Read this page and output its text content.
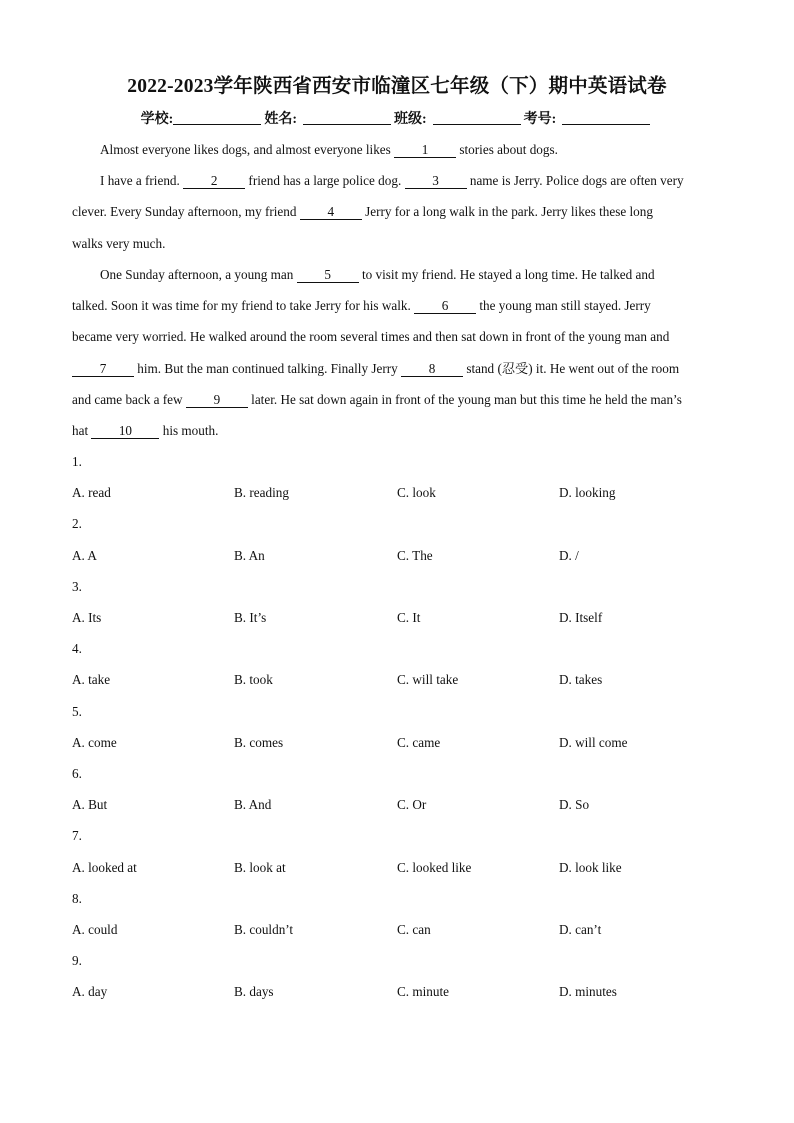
2022-2023学年陕西省西安市临潼区七年级（下）期中英语试卷
学校:	姓名:	班级:	考号:
Almost everyone likes dogs, and almost everyone likes 1 stories about dogs.
I have a friend. 2 friend has a large police dog. 3 name is Jerry. Police dogs are often very
clever. Every Sunday afternoon, my friend 4 Jerry for a long walk in the park. Jerry likes these long
walks very much.
One Sunday afternoon, a young man 5 to visit my friend. He stayed a long time. He talked and
talked. Soon it was time for my friend to take Jerry for his walk. 6 the young man still stayed. Jerry
became very worried. He walked around the room several times and then sat down in front of the young man and
7 him. But the man continued talking. Finally Jerry 8 stand (忍受) it. He went out of the room
and came back a few 9 later. He sat down again in front of the young man but this time he held the man’s
hat 10 his mouth.
1.
A. read	B. reading	C. look	D. looking
2.
A. A	B. An	C. The	D. /
3.
A. Its	B. It’s	C. It	D. Itself
4.
A. take	B. took	C. will take	D. takes
5.
A. come	B. comes	C. came	D. will come
6.
A. But	B. And	C. Or	D. So
7.
A. looked at	B. look at	C. looked like	D. look like
8.
A. could	B. couldn’t	C. can	D. can’t
9.
A. day	B. days	C. minute	D. minutes
